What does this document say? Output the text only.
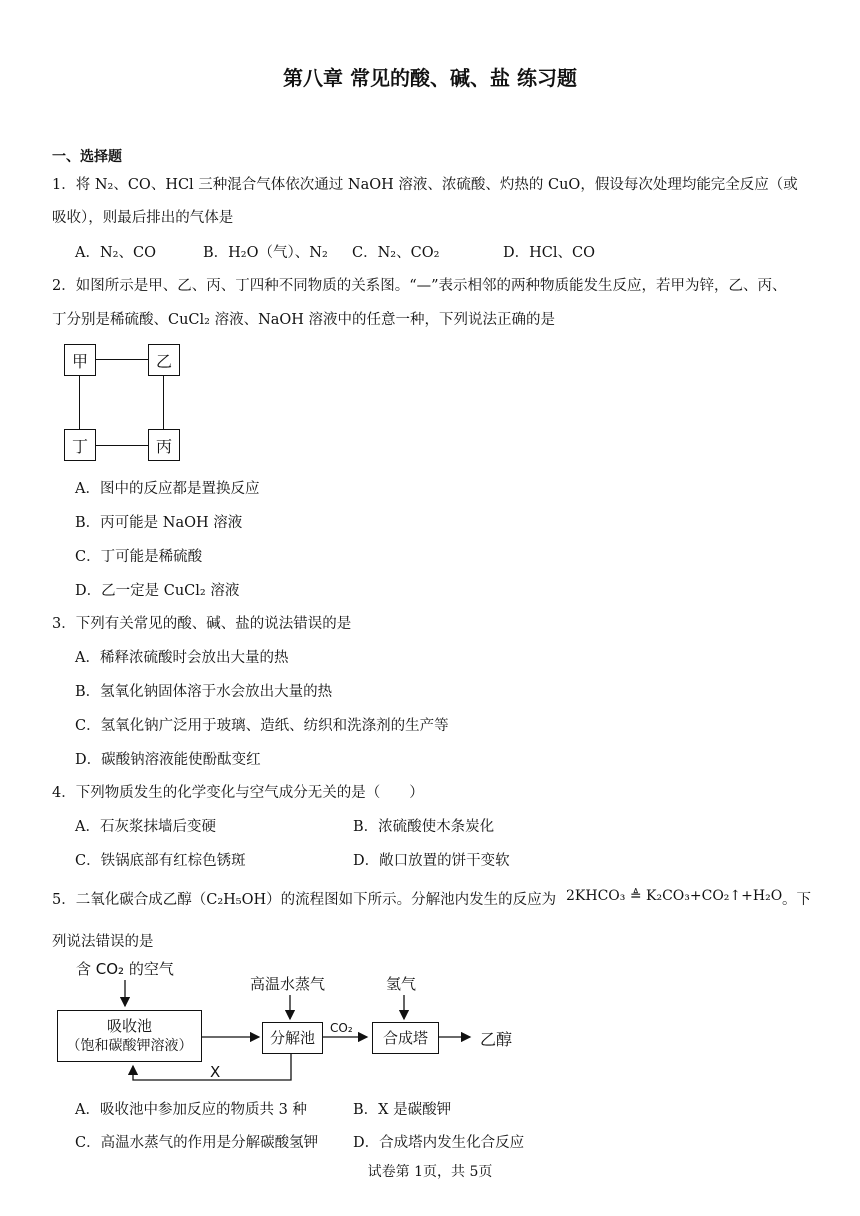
第八章 常见的酸、碱、盐 练习题
一、选择题
1．将 N₂、CO、HCl 三种混合气体依次通过 NaOH 溶液、浓硫酸、灼热的 CuO，假设每次处理均能完全反应（或
吸收），则最后排出的气体是
A．N₂、CO	B．H₂O（气）、N₂ C．N₂、CO₂	D．HCl、CO
2．如图所示是甲、乙、丙、丁四种不同物质的关系图。“—”表示相邻的两种物质能发生反应，若甲为锌，乙、丙、
丁分别是稀硫酸、CuCl₂ 溶液、NaOH 溶液中的任意一种，下列说法正确的是
甲	乙
丁	丙
A．图中的反应都是置换反应
B．丙可能是 NaOH 溶液
C．丁可能是稀硫酸
D．乙一定是 CuCl₂ 溶液
3．下列有关常见的酸、碱、盐的说法错误的是
A．稀释浓硫酸时会放出大量的热
B．氢氧化钠固体溶于水会放出大量的热
C．氢氧化钠广泛用于玻璃、造纸、纺织和洗涤剂的生产等
D．碳酸钠溶液能使酚酞变红
4．下列物质发生的化学变化与空气成分无关的是（　　）
A．石灰浆抹墙后变硬	B．浓硫酸使木条炭化
C．铁锅底部有红棕色锈斑	D．敞口放置的饼干变软
5．二氧化碳合成乙醇（C₂H₅OH）的流程图如下所示。分解池内发生的反应为 2KHCO₃ ≜ K₂CO₃+CO₂↑+H₂O 。下
列说法错误的是
含 CO₂ 的空气
高温水蒸气	氢气
CO₂
乙醇
X
吸收池
（饱和碳酸钾溶液）	分解池	合成塔
A．吸收池中参加反应的物质共 3 种	B．X 是碳酸钾
C．高温水蒸气的作用是分解碳酸氢钾 D．合成塔内发生化合反应
试卷第 1页，共 5页
